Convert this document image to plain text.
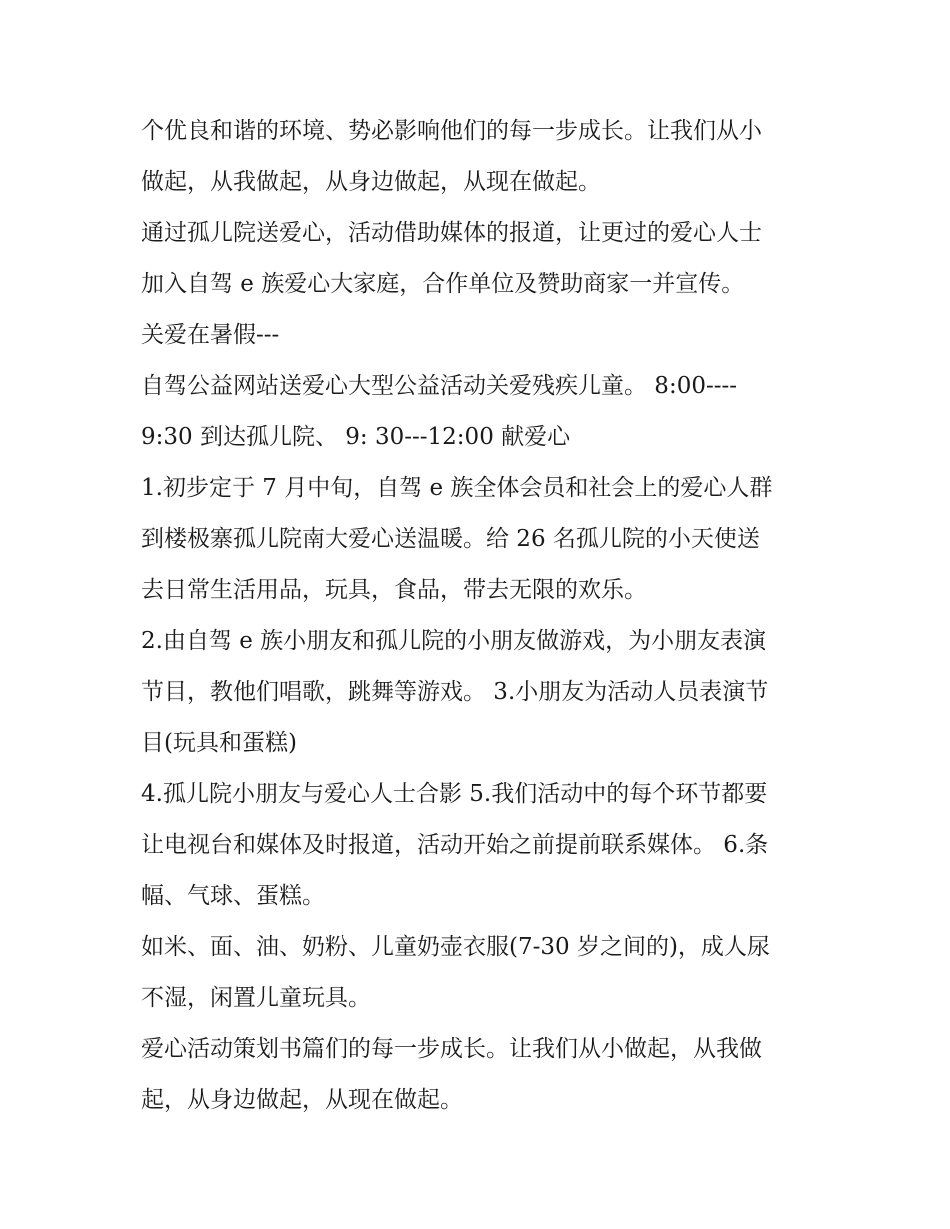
个优良和谐的环境、势必影响他们的每一步成长。让我们从小
做起，从我做起，从身边做起，从现在做起。
通过孤儿院送爱心，活动借助媒体的报道，让更过的爱心人士
加入自驾 e 族爱心大家庭，合作单位及赞助商家一并宣传。
关爱在暑假---
自驾公益网站送爱心大型公益活动关爱残疾儿童。 8:00----
9:30 到达孤儿院、 9: 30---12:00 献爱心
1.初步定于 7 月中旬，自驾 e 族全体会员和社会上的爱心人群
到楼极寨孤儿院南大爱心送温暖。给 26 名孤儿院的小天使送
去日常生活用品，玩具，食品，带去无限的欢乐。
2.由自驾 e 族小朋友和孤儿院的小朋友做游戏，为小朋友表演
节目，教他们唱歌，跳舞等游戏。 3.小朋友为活动人员表演节
目(玩具和蛋糕)
4.孤儿院小朋友与爱心人士合影 5.我们活动中的每个环节都要
让电视台和媒体及时报道，活动开始之前提前联系媒体。 6.条
幅、气球、蛋糕。
如米、面、油、奶粉、儿童奶壶衣服(7-30 岁之间的)，成人尿
不湿，闲置儿童玩具。
爱心活动策划书篇们的每一步成长。让我们从小做起，从我做
起，从身边做起，从现在做起。
